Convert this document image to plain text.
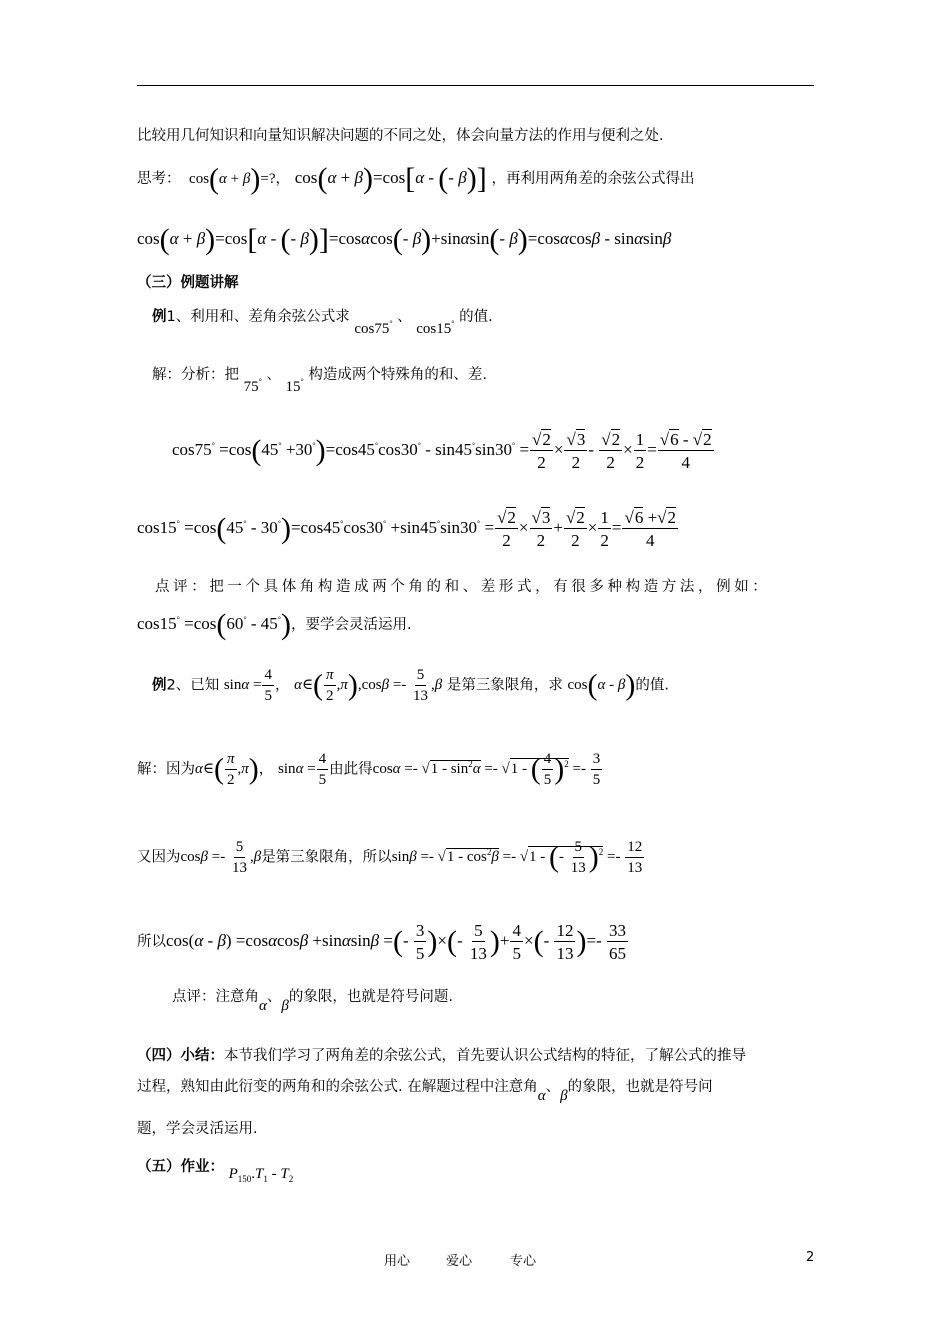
比较用几何知识和向量知识解决问题的不同之处，体会向量方法的作用与便利之处.
思考：  cos(α + β)=?， cos(α + β)=cos[α - (- β)] ，再利用两角差的余弦公式得出
cos(α + β)=cos[α - (- β)]=cosαcos(- β)+sinαsin(- β)=cosαcosβ - sinαsinβ
（三）例题讲解
例1、利用和、差角余弦公式求 cos75° 、 cos15° 的值.
解：分析：把 75° 、 15° 构造成两个特殊角的和、差.
$\cos 75^\circ =\cos(45^\circ +30^\circ)=\cos 45^\circ\cos 30^\circ - \sin 45^\circ\sin 30^\circ = \frac{√2}{2} \times \frac{√3}{2} - \frac{√2}{2} \times \frac{1}{2} = \frac{√6 - √2}{4}$
$\cos 15^\circ =\cos(45^\circ - 30^\circ)=\cos 45^\circ\cos 30^\circ +\sin 45^\circ\sin 30^\circ = \frac{√2}{2} \times \frac{√3}{2} + \frac{√2}{2} \times \frac{1}{2} = \frac{√6 +√2}{4}$
点评：把一个具体角构造成两个角的和、差形式，有很多种构造方法，例如：
cos15° =cos(60° - 45°)，要学会灵活运用.
例2、已知 $\sin\alpha = \frac{4}{5}$ ， α∈( $\frac{\pi}{2} ,\pi),\cos\beta =- \frac{5}{13} ,\beta$ 是第三象限角，求 cos(α - β)的值.
解：因为α∈( $\frac{\pi}{2} ,\pi$)， $\sin\alpha = \frac{4}{5}$ 由此得$\cos\alpha =- √1 - \sin^2\alpha =- √1$ - ( $\frac{4}{5} )^2 =- \frac{3}{5}$
又因为$\cos\beta =- \frac{5}{13} ,\beta$是第三象限角，所以$\sin\beta =- √1 - \cos^2\beta =- √1$ - (- $\frac{5}{13} )^2 =- \frac{12}{13}$
所以cos(α - β) =cosαcosβ +sinαsinβ =(- $\frac{3}{5}$ )×(- $\frac{5}{13}$ )+ $\frac{4}{5}$ ×(- $\frac{12}{13}$ )=- $\frac{33}{65}$
点评：注意角α、β的象限，也就是符号问题.
（四）小结：本节我们学习了两角差的余弦公式，首先要认识公式结构的特征，了解公式的推导
过程，熟知由此衍变的两角和的余弦公式. 在解题过程中注意角α、β的象限，也就是符号问
题，学会灵活运用.
（五）作业： $P_{150}.T_1 - T_2$
用心	爱心	专心	2
